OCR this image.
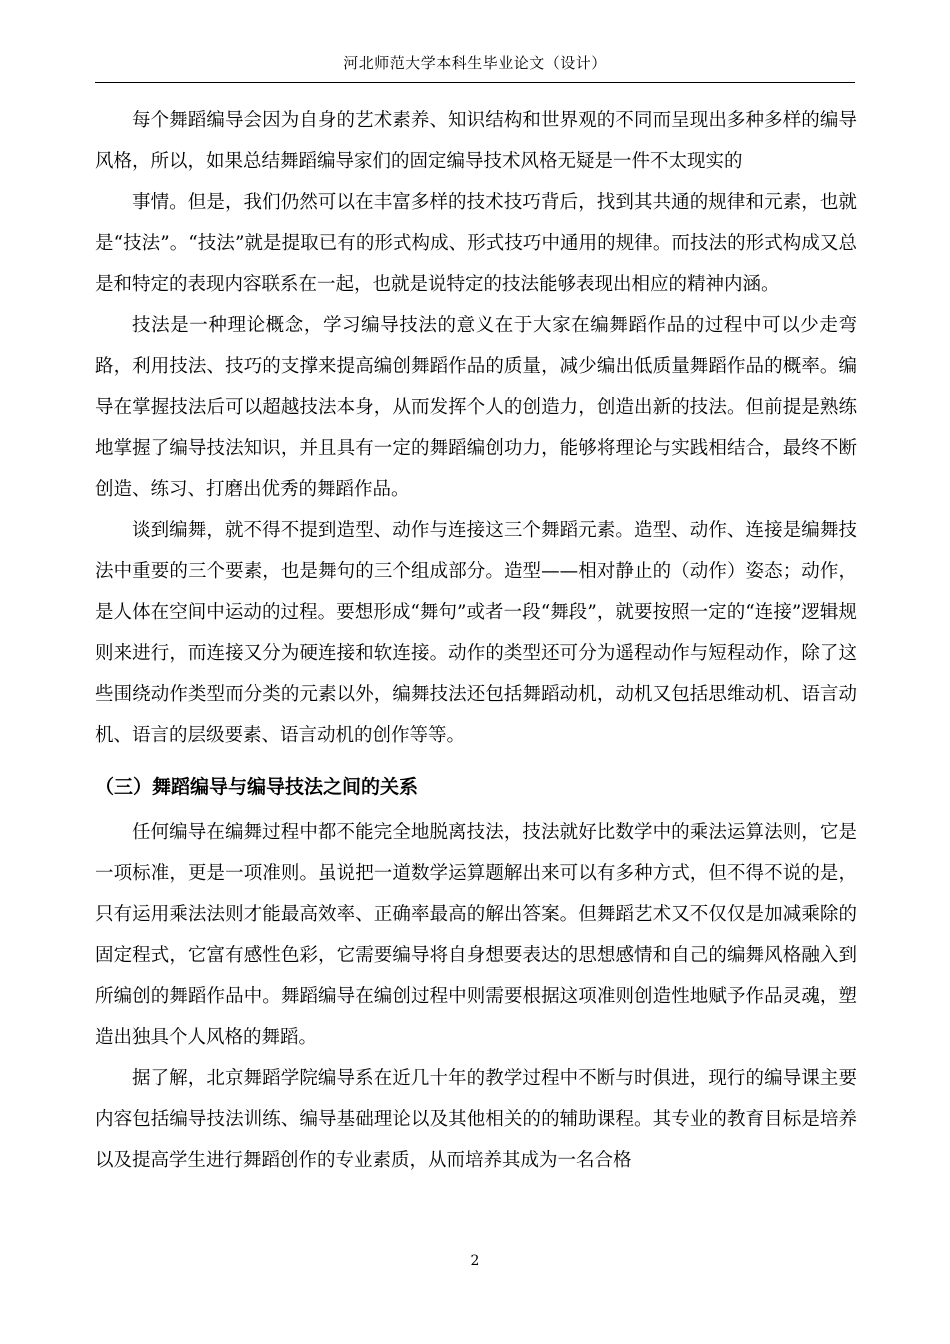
河北师范大学本科生毕业论文（设计）

每个舞蹈编导会因为自身的艺术素养、知识结构和世界观的不同而呈现出多种多样的编导风格，所以，如果总结舞蹈编导家们的固定编导技术风格无疑是一件不太现实的

事情。但是，我们仍然可以在丰富多样的技术技巧背后，找到其共通的规律和元素，也就是“技法”。“技法”就是提取已有的形式构成、形式技巧中通用的规律。而技法的形式构成又总是和特定的表现内容联系在一起，也就是说特定的技法能够表现出相应的精神内涵。

技法是一种理论概念，学习编导技法的意义在于大家在编舞蹈作品的过程中可以少走弯路，利用技法、技巧的支撑来提高编创舞蹈作品的质量，减少编出低质量舞蹈作品的概率。编导在掌握技法后可以超越技法本身，从而发挥个人的创造力，创造出新的技法。但前提是熟练地掌握了编导技法知识，并且具有一定的舞蹈编创功力，能够将理论与实践相结合，最终不断创造、练习、打磨出优秀的舞蹈作品。

谈到编舞，就不得不提到造型、动作与连接这三个舞蹈元素。造型、动作、连接是编舞技法中重要的三个要素，也是舞句的三个组成部分。造型——相对静止的（动作）姿态；动作，是人体在空间中运动的过程。要想形成“舞句”或者一段“舞段”，就要按照一定的“连接”逻辑规则来进行，而连接又分为硬连接和软连接。动作的类型还可分为遥程动作与短程动作，除了这些围绕动作类型而分类的元素以外，编舞技法还包括舞蹈动机，动机又包括思维动机、语言动机、语言的层级要素、语言动机的创作等等。

（三）舞蹈编导与编导技法之间的关系

任何编导在编舞过程中都不能完全地脱离技法，技法就好比数学中的乘法运算法则，它是一项标准，更是一项准则。虽说把一道数学运算题解出来可以有多种方式，但不得不说的是，只有运用乘法法则才能最高效率、正确率最高的解出答案。但舞蹈艺术又不仅仅是加减乘除的固定程式，它富有感性色彩，它需要编导将自身想要表达的思想感情和自己的编舞风格融入到所编创的舞蹈作品中。舞蹈编导在编创过程中则需要根据这项准则创造性地赋予作品灵魂，塑造出独具个人风格的舞蹈。

据了解，北京舞蹈学院编导系在近几十年的教学过程中不断与时俱进，现行的编导课主要内容包括编导技法训练、编导基础理论以及其他相关的的辅助课程。其专业的教育目标是培养以及提高学生进行舞蹈创作的专业素质，从而培养其成为一名合格

2
